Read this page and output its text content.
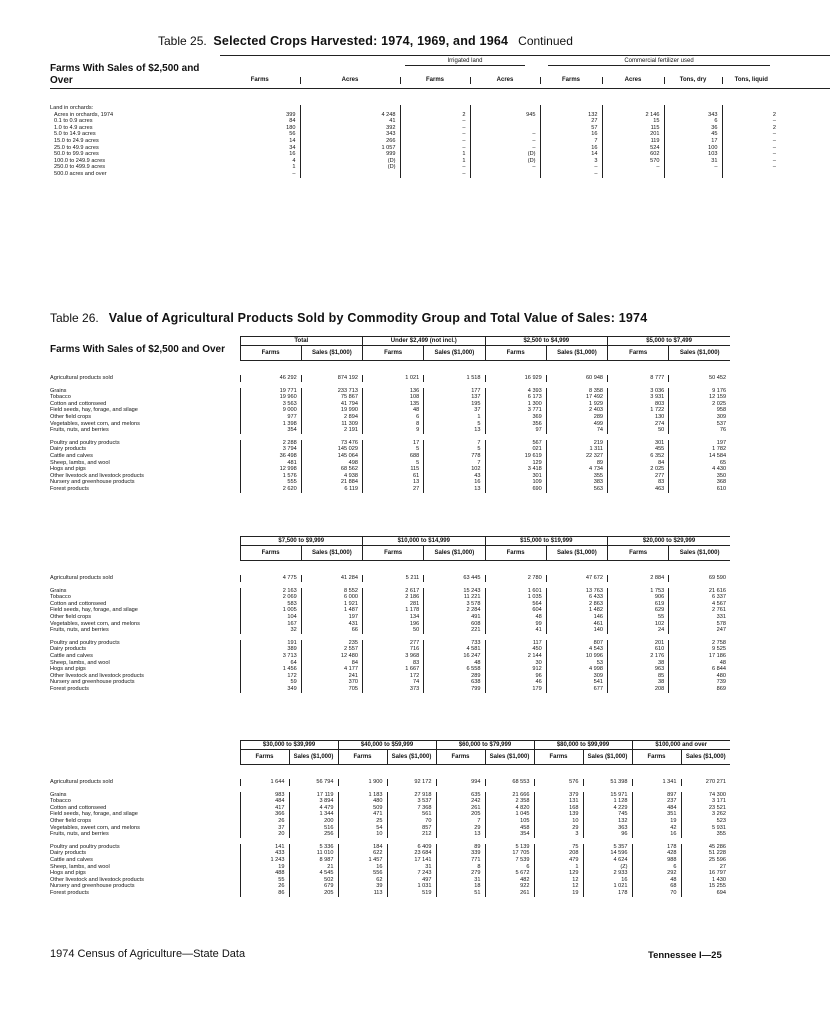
Table 25. Selected Crops Harvested: 1974, 1969, and 1964 Continued
Farms With Sales of $2,500 and Over
Irrigated land	Commercial fertilizer used
Farms	Acres	Farms	Acres	Farms	Acres	Tons, dry	Tons, liquid
Land in orchards:								
Acres in orchards, 1974	399	4 248	2	945	132	2 146	343	2
0.1 to 0.9 acres	84	41	–		27	15	6	–
1.0 to 4.9 acres	180	392	–		57	115	36	2
5.0 to 14.9 acres	56	343	–	–	16	201	45	–
15.0 to 24.9 acres	14	266	–	–	7	119	17	–
25.0 to 49.9 acres	34	1 057	–	–	16	524	100	–
50.0 to 99.9 acres	16	999	1	(D)	14	602	103	–
100.0 to 249.9 acres	4	(D)	1	(D)	3	570	31	–
250.0 to 499.9 acres	1	(D)	–	–	–	–	–	–
500.0 acres and over	–		–		–			
Table 26. Value of Agricultural Products Sold by Commodity Group and Total Value of Sales: 1974
Farms With Sales of $2,500 and Over
	Total		Under $2,499 (not incl.)		$2,500 to $4,999		$5,000 to $7,499	
	Farms	Sales ($1,000)	Farms	Sales ($1,000)	Farms	Sales ($1,000)	Farms	Sales ($1,000)

Agricultural products sold	46 292	874 192	1 021	1 518	16 929	60 948	8 777	50 452

Grains	19 771	233 713	136	177	4 393	8 358	3 036	9 176
Tobacco	19 960	75 867	108	137	6 173	17 492	3 931	12 159
Cotton and cottonseed	3 563	41 794	135	195	1 300	1 929	803	2 025
Field seeds, hay, forage, and silage	9 000	19 990	48	37	3 771	2 403	1 722	958
Other field crops	977	2 894	6	1	369	289	130	309
Vegetables, sweet corn, and melons	1 398	11 309	8	5	356	499	274	537
Fruits, nuts, and berries	354	2 191	9	13	97	74	50	76

Poultry and poultry products	2 288	73 476	17	7	567	219	301	197
Dairy products	3 794	145 029	5	5	021	1 311	455	1 782
Cattle and calves	36 498	145 064	688	778	19 619	22 327	6 352	14 584
Sheep, lambs, and wool	481	498	5	7	129	89	84	65
Hogs and pigs	12 998	68 562	115	102	3 418	4 734	2 025	4 430
Other livestock and livestock products	1 576	4 938	61	43	301	355	277	350
Nursery and greenhouse products	555	21 884	13	16	109	383	83	368
Forest products	2 620	6 119	27	13	690	563	463	610
	$7,500 to $9,999		$10,000 to $14,999		$15,000 to $19,999		$20,000 to $29,999	
	Farms	Sales ($1,000)	Farms	Sales ($1,000)	Farms	Sales ($1,000)	Farms	Sales ($1,000)

Agricultural products sold	4 775	41 284	5 211	63 445	2 780	47 672	2 884	69 590

Grains	2 163	8 552	2 617	15 243	1 601	13 763	1 753	21 616
Tobacco	2 069	6 000	2 186	11 221	1 035	6 433	906	6 337
Cotton and cottonseed	583	1 921	281	3 578	564	2 863	619	4 567
Field seeds, hay, forage, and silage	1 005	1 487	1 178	2 284	604	1 482	629	2 761
Other field crops	104	197	134	491	48	146	55	331
Vegetables, sweet corn, and melons	167	431	196	608	99	461	102	578
Fruits, nuts, and berries	32	66	50	221	41	140	24	247

Poultry and poultry products	191	235	277	733	117	807	201	2 758
Dairy products	389	2 557	716	4 581	450	4 543	610	9 525
Cattle and calves	3 713	12 480	3 968	16 247	2 144	10 996	2 176	17 186
Sheep, lambs, and wool	64	84	83	48	30	53	38	48
Hogs and pigs	1 456	4 177	1 667	6 558	912	4 998	963	6 844
Other livestock and livestock products	172	241	172	289	96	309	85	480
Nursery and greenhouse products	59	370	74	638	46	541	38	739
Forest products	349	705	373	799	179	677	208	869
	$30,000 to $39,999		$40,000 to $59,999		$60,000 to $79,999		$80,000 to $99,999		$100,000 and over	
	Farms	Sales ($1,000)	Farms	Sales ($1,000)	Farms	Sales ($1,000)	Farms	Sales ($1,000)	Farms	Sales ($1,000)

Agricultural products sold	1 644	56 794	1 900	92 172	994	68 553	576	51 398	1 341	270 271

Grains	983	17 119	1 183	27 918	635	21 666	379	15 971	897	74 300
Tobacco	484	3 894	480	3 537	242	2 358	131	1 128	237	3 171
Cotton and cottonseed	417	4 479	509	7 368	261	4 820	168	4 229	484	23 521
Field seeds, hay, forage, and silage	366	1 344	471	561	205	1 045	139	745	351	3 262
Other field crops	26	200	25	70	7	105	10	132	19	523
Vegetables, sweet corn, and melons	37	516	54	857	29	458	29	363	42	5 931
Fruits, nuts, and berries	20	256	10	212	13	354	3	96	16	355

Poultry and poultry products	141	5 336	184	6 409	89	5 139	75	5 357	178	45 286
Dairy products	433	11 010	622	23 684	339	17 705	208	14 596	428	51 228
Cattle and calves	1 243	8 987	1 457	17 141	771	7 539	479	4 624	988	25 596
Sheep, lambs, and wool	19	21	16	31	8	6	1	(Z)	6	27
Hogs and pigs	488	4 545	556	7 243	279	5 672	129	2 933	292	16 797
Other livestock and livestock products	55	502	62	497	31	482	12	16	48	1 430
Nursery and greenhouse products	26	679	39	1 031	18	922	12	1 021	68	15 255
Forest products	86	205	113	519	51	261	19	178	70	694
1974 Census of Agriculture—State Data	Tennessee I—25
